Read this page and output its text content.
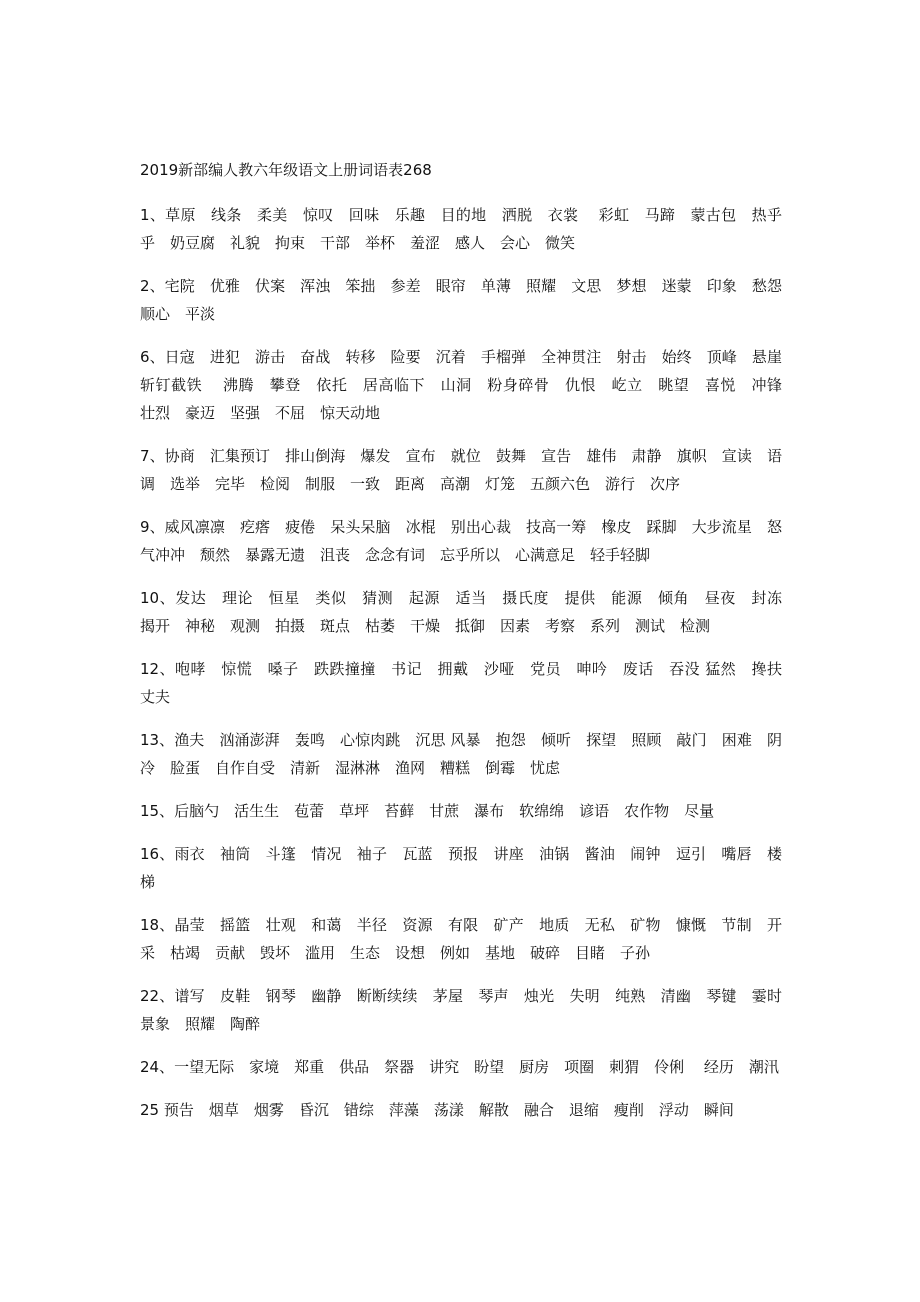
2019新部编人教六年级语文上册词语表268
1、草原　线条　柔美　惊叹　回味　乐趣　目的地　洒脱　衣裳　 彩虹　马蹄　蒙古包　热乎乎　奶豆腐　礼貌　拘束　干部　举杯　羞涩　感人　会心　微笑
2、宅院　优雅　伏案　浑浊　笨拙　参差　眼帘　单薄　照耀　文思　梦想　迷蒙　印象　愁怨　顺心　平淡
6、日寇　进犯　游击　奋战　转移　险要　沉着　手榴弹　全神贯注　射击　始终　顶峰　悬崖　斩钉截铁 　沸腾　攀登　依托　居高临下　山洞　粉身碎骨　仇恨　屹立　眺望　喜悦　冲锋　壮烈　豪迈　坚强　不屈　惊天动地
7、协商　汇集预订　排山倒海　爆发　宣布　就位　鼓舞　宣告　雄伟　肃静　旗帜　宣读　语调　选举　完毕　检阅　制服　一致　距离　高潮　灯笼　五颜六色　游行　次序
9、威风凛凛　疙瘩　疲倦　呆头呆脑　冰棍　别出心裁　技高一筹　橡皮　踩脚　大步流星　怒气冲冲　颓然　暴露无遗　沮丧　念念有词　忘乎所以　心满意足　轻手轻脚
10、发达　理论　恒星　类似　猜测　起源　适当　摄氏度　提供　能源　倾角　昼夜　封冻　揭开　神秘　观测　拍摄　斑点　枯萎　干燥　抵御　因素　考察　系列　测试　检测
12、咆哮　惊慌　嗓子　跌跌撞撞　书记　拥戴　沙哑　党员　呻吟　废话　吞没 猛然　搀扶　丈夫
13、渔夫　汹涌澎湃　轰鸣　心惊肉跳　沉思 风暴　抱怨　倾听　探望　照顾　敲门　困难　阴冷　脸蛋　自作自受　清新　湿淋淋　渔网　糟糕　倒霉　忧虑
15、后脑勺　活生生　苞蕾　草坪　苔藓　甘蔗　瀑布　软绵绵　谚语　农作物　尽量
16、雨衣　袖筒　斗篷　情况　袖子　瓦蓝　预报　讲座　油锅　酱油　闹钟　逗引　嘴唇　楼梯
18、晶莹　摇篮　壮观　和蔼　半径　资源　有限　矿产　地质　无私　矿物　慷慨　节制　开采　枯竭　贡献　毁坏　滥用　生态　设想　例如　基地　破碎　目睹　子孙
22、谱写　皮鞋　钢琴　幽静　断断续续　茅屋　琴声　烛光　失明　纯熟　清幽　琴键　霎时　景象　照耀　陶醉
24、一望无际　家境　郑重　供品　祭器　讲究　盼望　厨房　项圈　刺猬　伶俐　 经历　潮汛
25 预告　烟草　烟雾　昏沉　错综　萍藻　荡漾　解散　融合　退缩　瘦削　浮动　瞬间
